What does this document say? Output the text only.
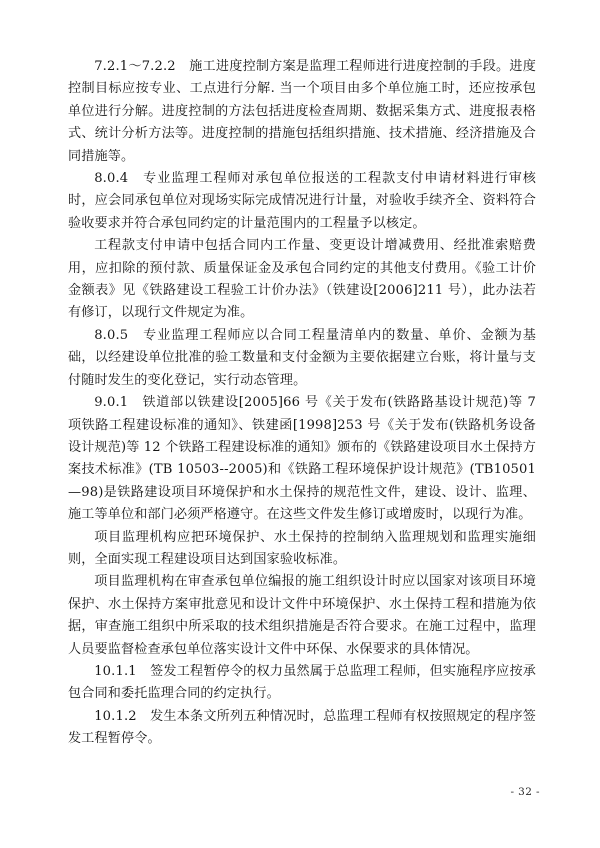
7.2.1～7.2.2　施工进度控制方案是监理工程师进行进度控制的手段。进度控制目标应按专业、工点进行分解. 当一个项目由多个单位施工时，还应按承包单位进行分解。进度控制的方法包括进度检查周期、数据采集方式、进度报表格式、统计分析方法等。进度控制的措施包括组织措施、技术措施、经济措施及合同措施等。

8.0.4　专业监理工程师对承包单位报送的工程款支付申请材料进行审核时，应会同承包单位对现场实际完成情况进行计量，对验收手续齐全、资料符合验收要求并符合承包同约定的计量范围内的工程量予以核定。

工程款支付申请中包括合同内工作量、变更设计增减费用、经批准索赔费用，应扣除的预付款、质量保证金及承包合同约定的其他支付费用。《验工计价金额表》见《铁路建设工程验工计价办法》（铁建设[2006]211 号），此办法若有修订，以现行文件规定为准。

8.0.5　专业监理工程师应以合同工程量清单内的数量、单价、金额为基础，以经建设单位批准的验工数量和支付金额为主要依据建立台账，将计量与支付随时发生的变化登记，实行动态管理。

9.0.1　铁道部以铁建设[2005]66 号《关于发布(铁路路基设计规范)等 7 项铁路工程建设标准的通知》、铁建函[1998]253 号《关于发布(铁路机务设备设计规范)等 12 个铁路工程建设标准的通知》颁布的《铁路建设项目水土保持方案技术标准》(TB 10503--2005)和《铁路工程环境保护设计规范》(TB10501—98)是铁路建设项目环境保护和水土保持的规范性文件，建设、设计、监理、施工等单位和部门必须严格遵守。在这些文件发生修订或增废时，以现行为准。

项目监理机构应把环境保护、水土保持的控制纳入监理规划和监理实施细则，全面实现工程建设项目达到国家验收标准。

项目监理机构在审查承包单位编报的施工组织设计时应以国家对该项目环境保护、水土保持方案审批意见和设计文件中环境保护、水土保持工程和措施为依据，审查施工组织中所采取的技术组织措施是否符合要求。在施工过程中，监理人员要监督检查承包单位落实设计文件中环保、水保要求的具体情况。

10.1.1　签发工程暂停令的权力虽然属于总监理工程师，但实施程序应按承包合同和委托监理合同的约定执行。

10.1.2　发生本条文所列五种情况时，总监理工程师有权按照规定的程序签发工程暂停令。

- 32 -
